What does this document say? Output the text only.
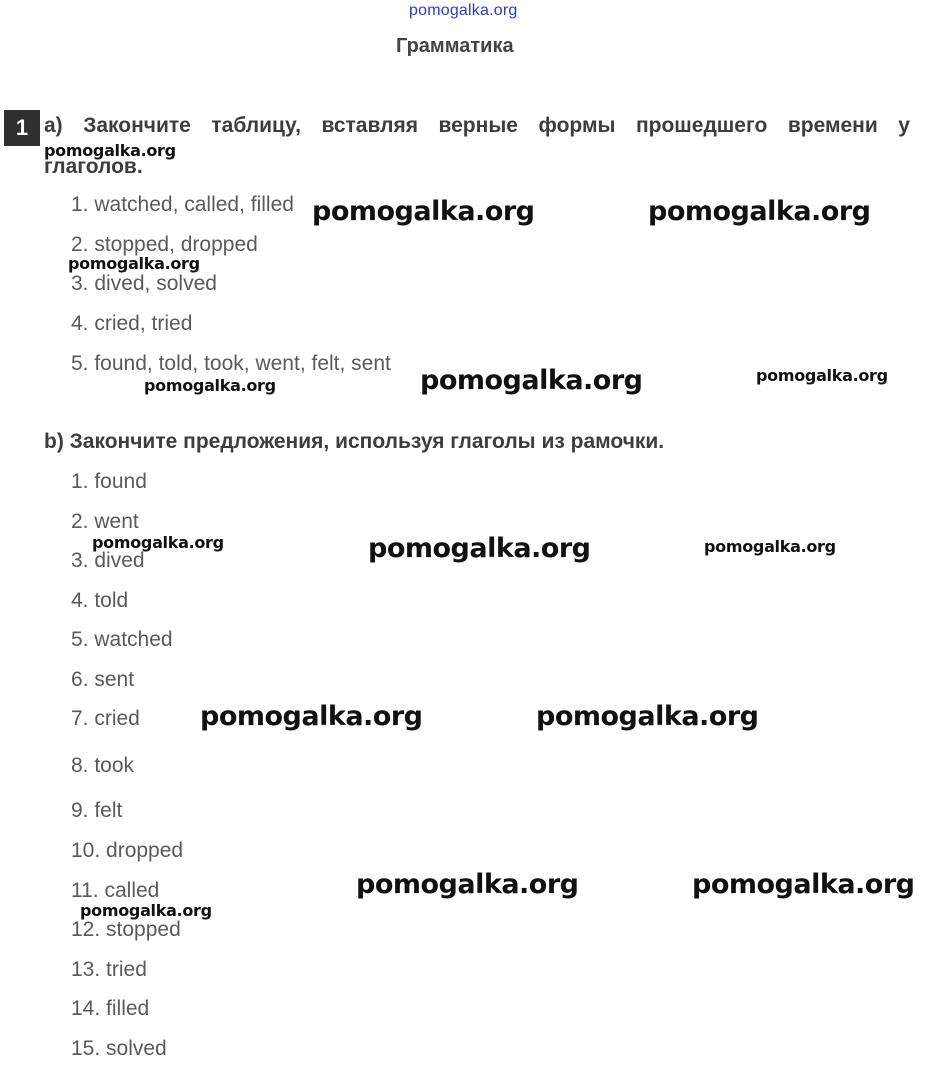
pomogalka.org
Грамматика
1 a) Закончите таблицу, вставляя верные формы прошедшего времени у
глаголов.
1. watched, called, filled
2. stopped, dropped
3. dived, solved
4. cried, tried
5. found, told, took, went, felt, sent
b) Закончите предложения, используя глаголы из рамочки.
1. found
2. went
3. dived
4. told
5. watched
6. sent
7. cried
8. took
9. felt
10. dropped
11. called
12. stopped
13. tried
14. filled
15. solved
pomogalka.org
pomogalka.org	pomogalka.org
pomogalka.org
pomogalka.org	pomogalka.org	pomogalka.org
pomogalka.org	pomogalka.org	pomogalka.org
pomogalka.org	pomogalka.org
pomogalka.org	pomogalka.org
pomogalka.org
